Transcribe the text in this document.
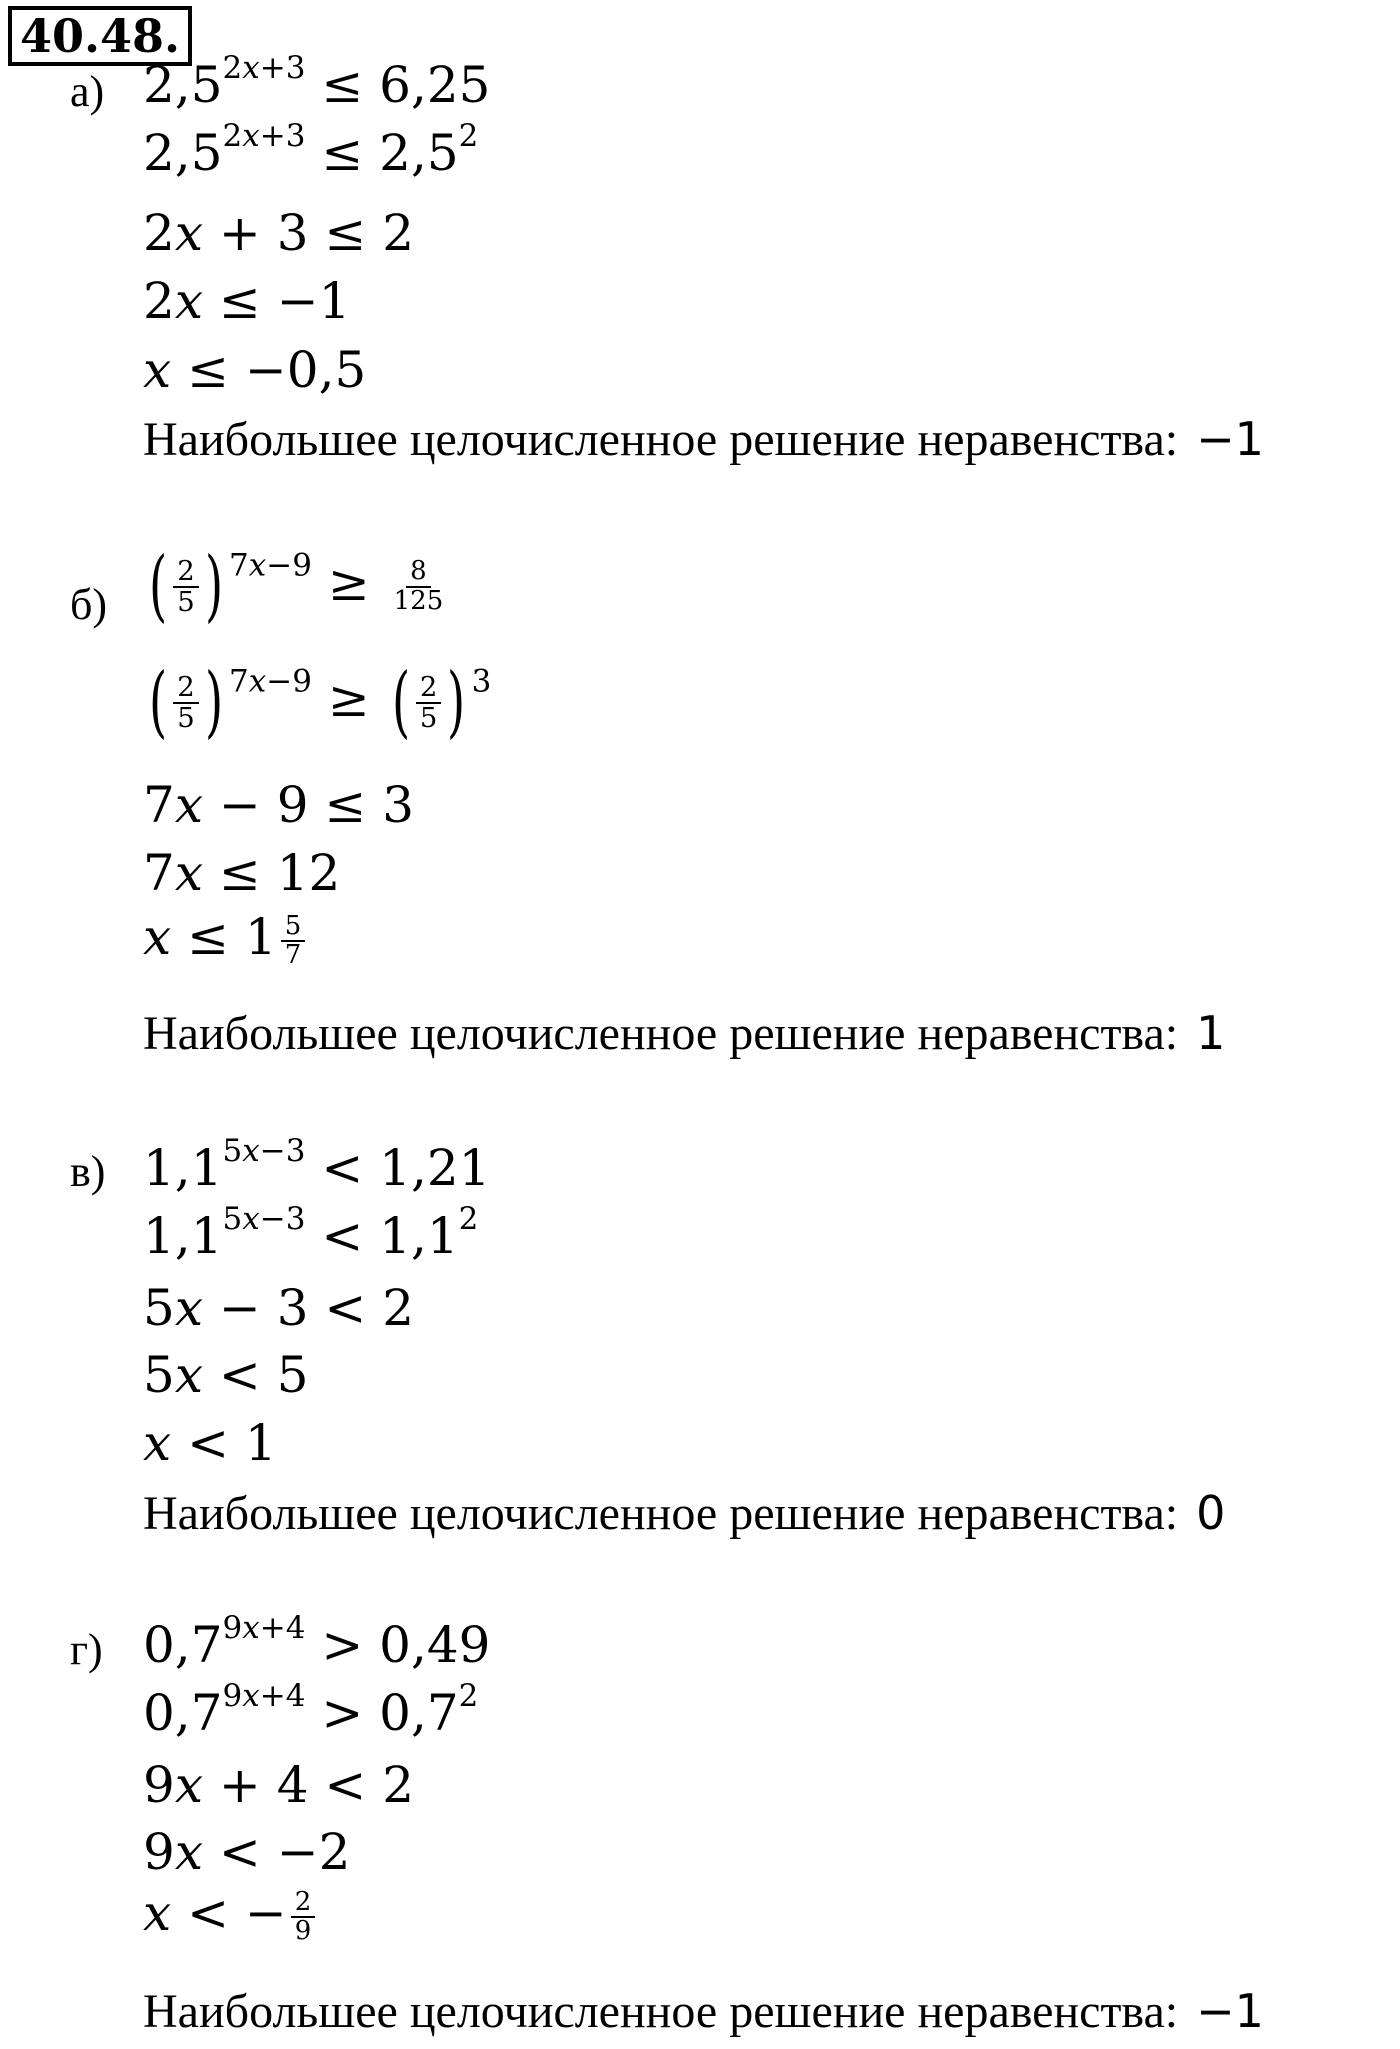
40.48.
а) $2,5^{2x+3} \le 6,25$
$2,5^{2x+3} \le 2,5^2$
2x + 3 ≤ 2
2x ≤ −1
x ≤ −0,5
Наибольшее целочисленное решение неравенства: −1
б) ( 2
5 ) $^{7x-9} \ge \frac{8}{125}$
( 2
5 ) $^{7x-9}$ ≥ ( 2
5 ) $^3$
7x − 9 ≤ 3
7x ≤ 12
$x \le 1 \frac{5}{7}$
Наибольшее целочисленное решение неравенства: 1
в) $1,1^{5x-3} < 1,21$
$1,1^{5x-3} < 1,1^2$
5x − 3 < 2
5x < 5
x < 1
Наибольшее целочисленное решение неравенства: 0
г) $0,7^{9x+4} > 0,49$
$0,7^{9x+4} > 0,7^2$
9x + 4 < 2
9x < −2
x < − $\frac{2}{9}$
Наибольшее целочисленное решение неравенства: −1
